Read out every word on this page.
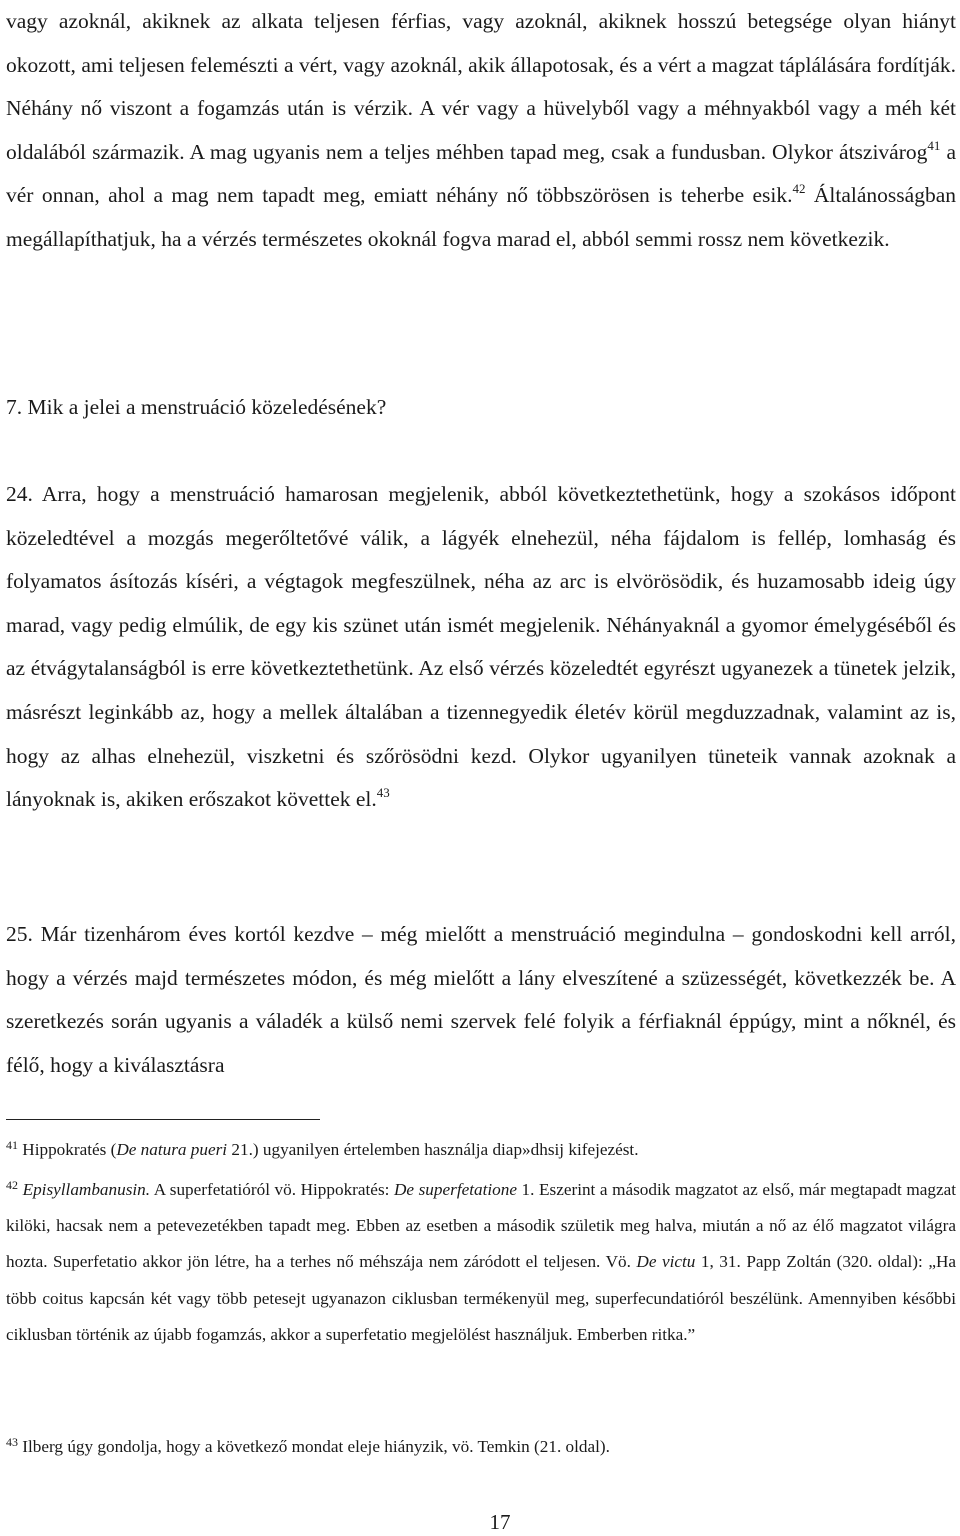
vagy azoknál, akiknek az alkata teljesen férfias, vagy azoknál, akiknek hosszú betegsége olyan hiányt okozott, ami teljesen felemészti a vért, vagy azoknál, akik állapotosak, és a vért a magzat táplálására fordítják. Néhány nő viszont a fogamzás után is vérzik. A vér vagy a hüvelyből vagy a méhnyakból vagy a méh két oldalából származik. A mag ugyanis nem a teljes méhben tapad meg, csak a fundusban. Olykor átszivárog$^{41}$ a vér onnan, ahol a mag nem tapadt meg, emiatt néhány nő többszörösen is teherbe esik.$^{42}$ Általánosságban megállapíthatjuk, ha a vérzés természetes okoknál fogva marad el, abból semmi rossz nem következik.

7. Mik a jelei a menstruáció közeledésének?

24. Arra, hogy a menstruáció hamarosan megjelenik, abból következtethetünk, hogy a szokásos időpont közeledtével a mozgás megerőltetővé válik, a lágyék elnehezül, néha fájdalom is fellép, lomhaság és folyamatos ásítozás kíséri, a végtagok megfeszülnek, néha az arc is elvörösödik, és huzamosabb ideig úgy marad, vagy pedig elmúlik, de egy kis szünet után ismét megjelenik. Néhányaknál a gyomor émelygéséből és az étvágytalanságból is erre következtethetünk. Az első vérzés közeledtét egyrészt ugyanezek a tünetek jelzik, másrészt leginkább az, hogy a mellek általában a tizennegyedik életév körül megduzzadnak, valamint az is, hogy az alhas elnehezül, viszketni és szőrösödni kezd. Olykor ugyanilyen tüneteik vannak azoknak a lányoknak is, akiken erőszakot követtek el.$^{43}$

25. Már tizenhárom éves kortól kezdve – még mielőtt a menstruáció megindulna – gondoskodni kell arról, hogy a vérzés majd természetes módon, és még mielőtt a lány elveszítené a szüzességét, következzék be. A szeretkezés során ugyanis a váladék a külső nemi szervek felé folyik a férfiaknál éppúgy, mint a nőknél, és félő, hogy a kiválasztásra

$^{41}$ Hippokratés (De natura pueri 21.) ugyanilyen értelemben használja diap»dhsij kifejezést.

$^{42}$ Episyllambanusin. A superfetatióról vö. Hippokratés: De superfetatione 1. Eszerint a második magzatot az első, már megtapadt magzat kilöki, hacsak nem a petevezetékben tapadt meg. Ebben az esetben a második születik meg halva, miután a nő az élő magzatot világra hozta. Superfetatio akkor jön létre, ha a terhes nő méhszája nem záródott el teljesen. Vö. De victu 1, 31. Papp Zoltán (320. oldal): „Ha több coitus kapcsán két vagy több petesejt ugyanazon ciklusban termékenyül meg, superfecundatióról beszélünk. Amennyiben későbbi ciklusban történik az újabb fogamzás, akkor a superfetatio megjelölést használjuk. Emberben ritka.”

$^{43}$ Ilberg úgy gondolja, hogy a következő mondat eleje hiányzik, vö. Temkin (21. oldal).

17
